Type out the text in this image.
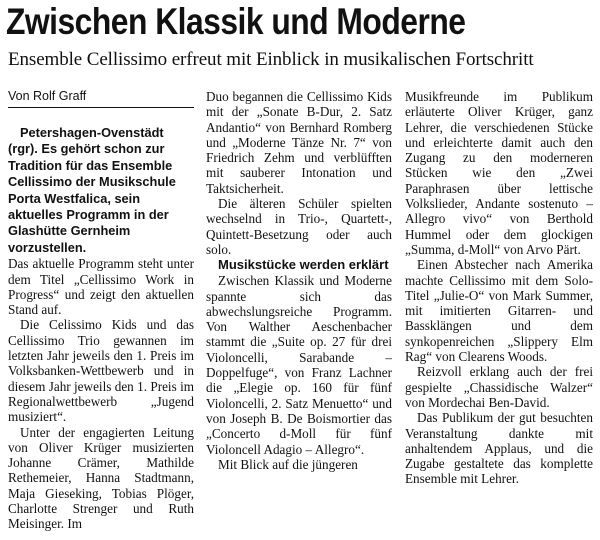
Zwischen Klassik und Moderne
Ensemble Cellissimo erfreut mit Einblick in musikalischen Fortschritt
Von Rolf Graff

Petershagen-Ovenstädt (rgr). Es gehört schon zur Tradition für das Ensemble Cellissimo der Musikschule Porta Westfalica, sein aktuelles Programm in der Glashütte Gernheim vorzustellen.

Das aktuelle Programm steht unter dem Titel „Cellissimo Work in Progress“ und zeigt den aktuellen Stand auf.

Die Celissimo Kids und das Cellissimo Trio gewannen im letzten Jahr jeweils den 1. Preis im Volksbanken-Wettbewerb und in diesem Jahr jeweils den 1. Preis im Regionalwettbewerb „Jugend musiziert“.

Unter der engagierten Leitung von Oliver Krüger musizierten Johanne Crämer, Mathilde Rethemeier, Hanna Stadtmann, Maja Gieseking, Tobias Plöger, Charlotte Strenger und Ruth Meisinger. Im

Duo begannen die Cellissimo Kids mit der „Sonate B-Dur, 2. Satz Andantio“ von Bernhard Romberg und „Moderne Tänze Nr. 7“ von Friedrich Zehm und verblüfften mit sauberer Intonation und Taktsicherheit.

Die älteren Schüler spielten wechselnd in Trio-, Quartett-, Quintett-Besetzung oder auch solo.

Musikstücke werden erklärt

Zwischen Klassik und Moderne spannte sich das abwechslungsreiche Programm. Von Walther Aeschenbacher stammt die „Suite op. 27 für drei Violoncelli, Sarabande – Doppelfuge“, von Franz Lachner die „Elegie op. 160 für fünf Violoncelli, 2. Satz Menuetto“ und von Joseph B. De Boismortier das „Concerto d-Moll für fünf Violoncell Adagio – Allegro“.

Mit Blick auf die jüngeren

Musikfreunde im Publikum erläuterte Oliver Krüger, ganz Lehrer, die verschiedenen Stücke und erleichterte damit auch den Zugang zu den moderneren Stücken wie den „Zwei Paraphrasen über lettische Volkslieder, Andante sostenuto – Allegro vivo“ von Berthold Hummel oder dem glockigen „Summa, d-Moll“ von Arvo Pärt.

Einen Abstecher nach Amerika machte Cellissimo mit dem Solo-Titel „Julie-O“ von Mark Summer, mit imitierten Gitarren- und Bassklängen und dem synkopenreichen „Slippery Elm Rag“ von Clearens Woods.

Reizvoll erklang auch der frei gespielte „Chassidische Walzer“ von Mordechai Ben-David.

Das Publikum der gut besuchten Veranstaltung dankte mit anhaltendem Applaus, und die Zugabe gestaltete das komplette Ensemble mit Lehrer.
